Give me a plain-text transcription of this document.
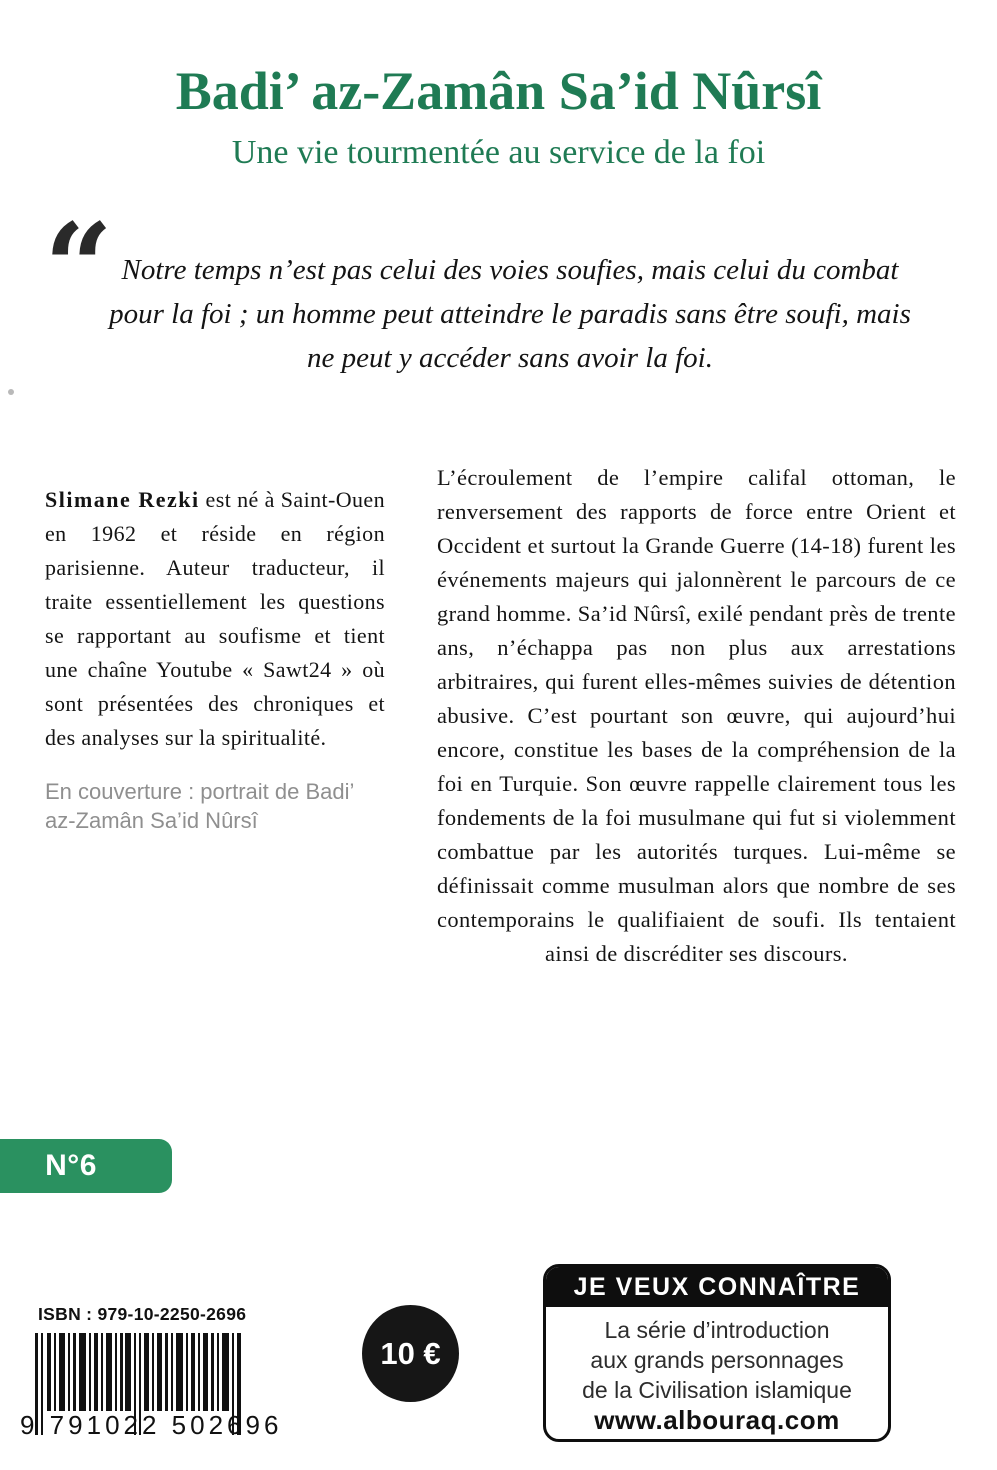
Badi’ az-Zamân Sa’id Nûrsî
Une vie tourmentée au service de la foi
“ Notre temps n’est pas celui des voies soufies, mais celui du combat pour la foi ; un homme peut atteindre le paradis sans être soufi, mais ne peut y accéder sans avoir la foi.

Slimane Rezki est né à Saint-Ouen en 1962 et réside en région parisienne. Auteur traducteur, il traite essentiellement les questions se rapportant au soufisme et tient une chaîne Youtube « Sawt24 » où sont présentées des chroniques et des analyses sur la spiritualité.

En couverture : portrait de Badi’ az-Zamân Sa’id Nûrsî
L’écroulement de l’empire califal ottoman, le renversement des rapports de force entre Orient et Occident et surtout la Grande Guerre (14-18) furent les événements majeurs qui jalonnèrent le parcours de ce grand homme. Sa’id Nûrsî, exilé pendant près de trente ans, n’échappa pas non plus aux arrestations arbitraires, qui furent elles-mêmes suivies de détention abusive. C’est pourtant son œuvre, qui aujourd’hui encore, constitue les bases de la compréhension de la foi en Turquie. Son œuvre rappelle clairement tous les fondements de la foi musulmane qui fut si violemment combattue par les autorités turques. Lui-même se définissait comme musulman alors que nombre de ses contemporains le qualifiaient de soufi. Ils tentaient ainsi de discréditer ses discours.
N°6
ISBN : 979-10-2250-2696
9 791022 502696
10 €
JE VEUX CONNAÎTRE
La série d’introduction
aux grands personnages
de la Civilisation islamique
www.albouraq.com
